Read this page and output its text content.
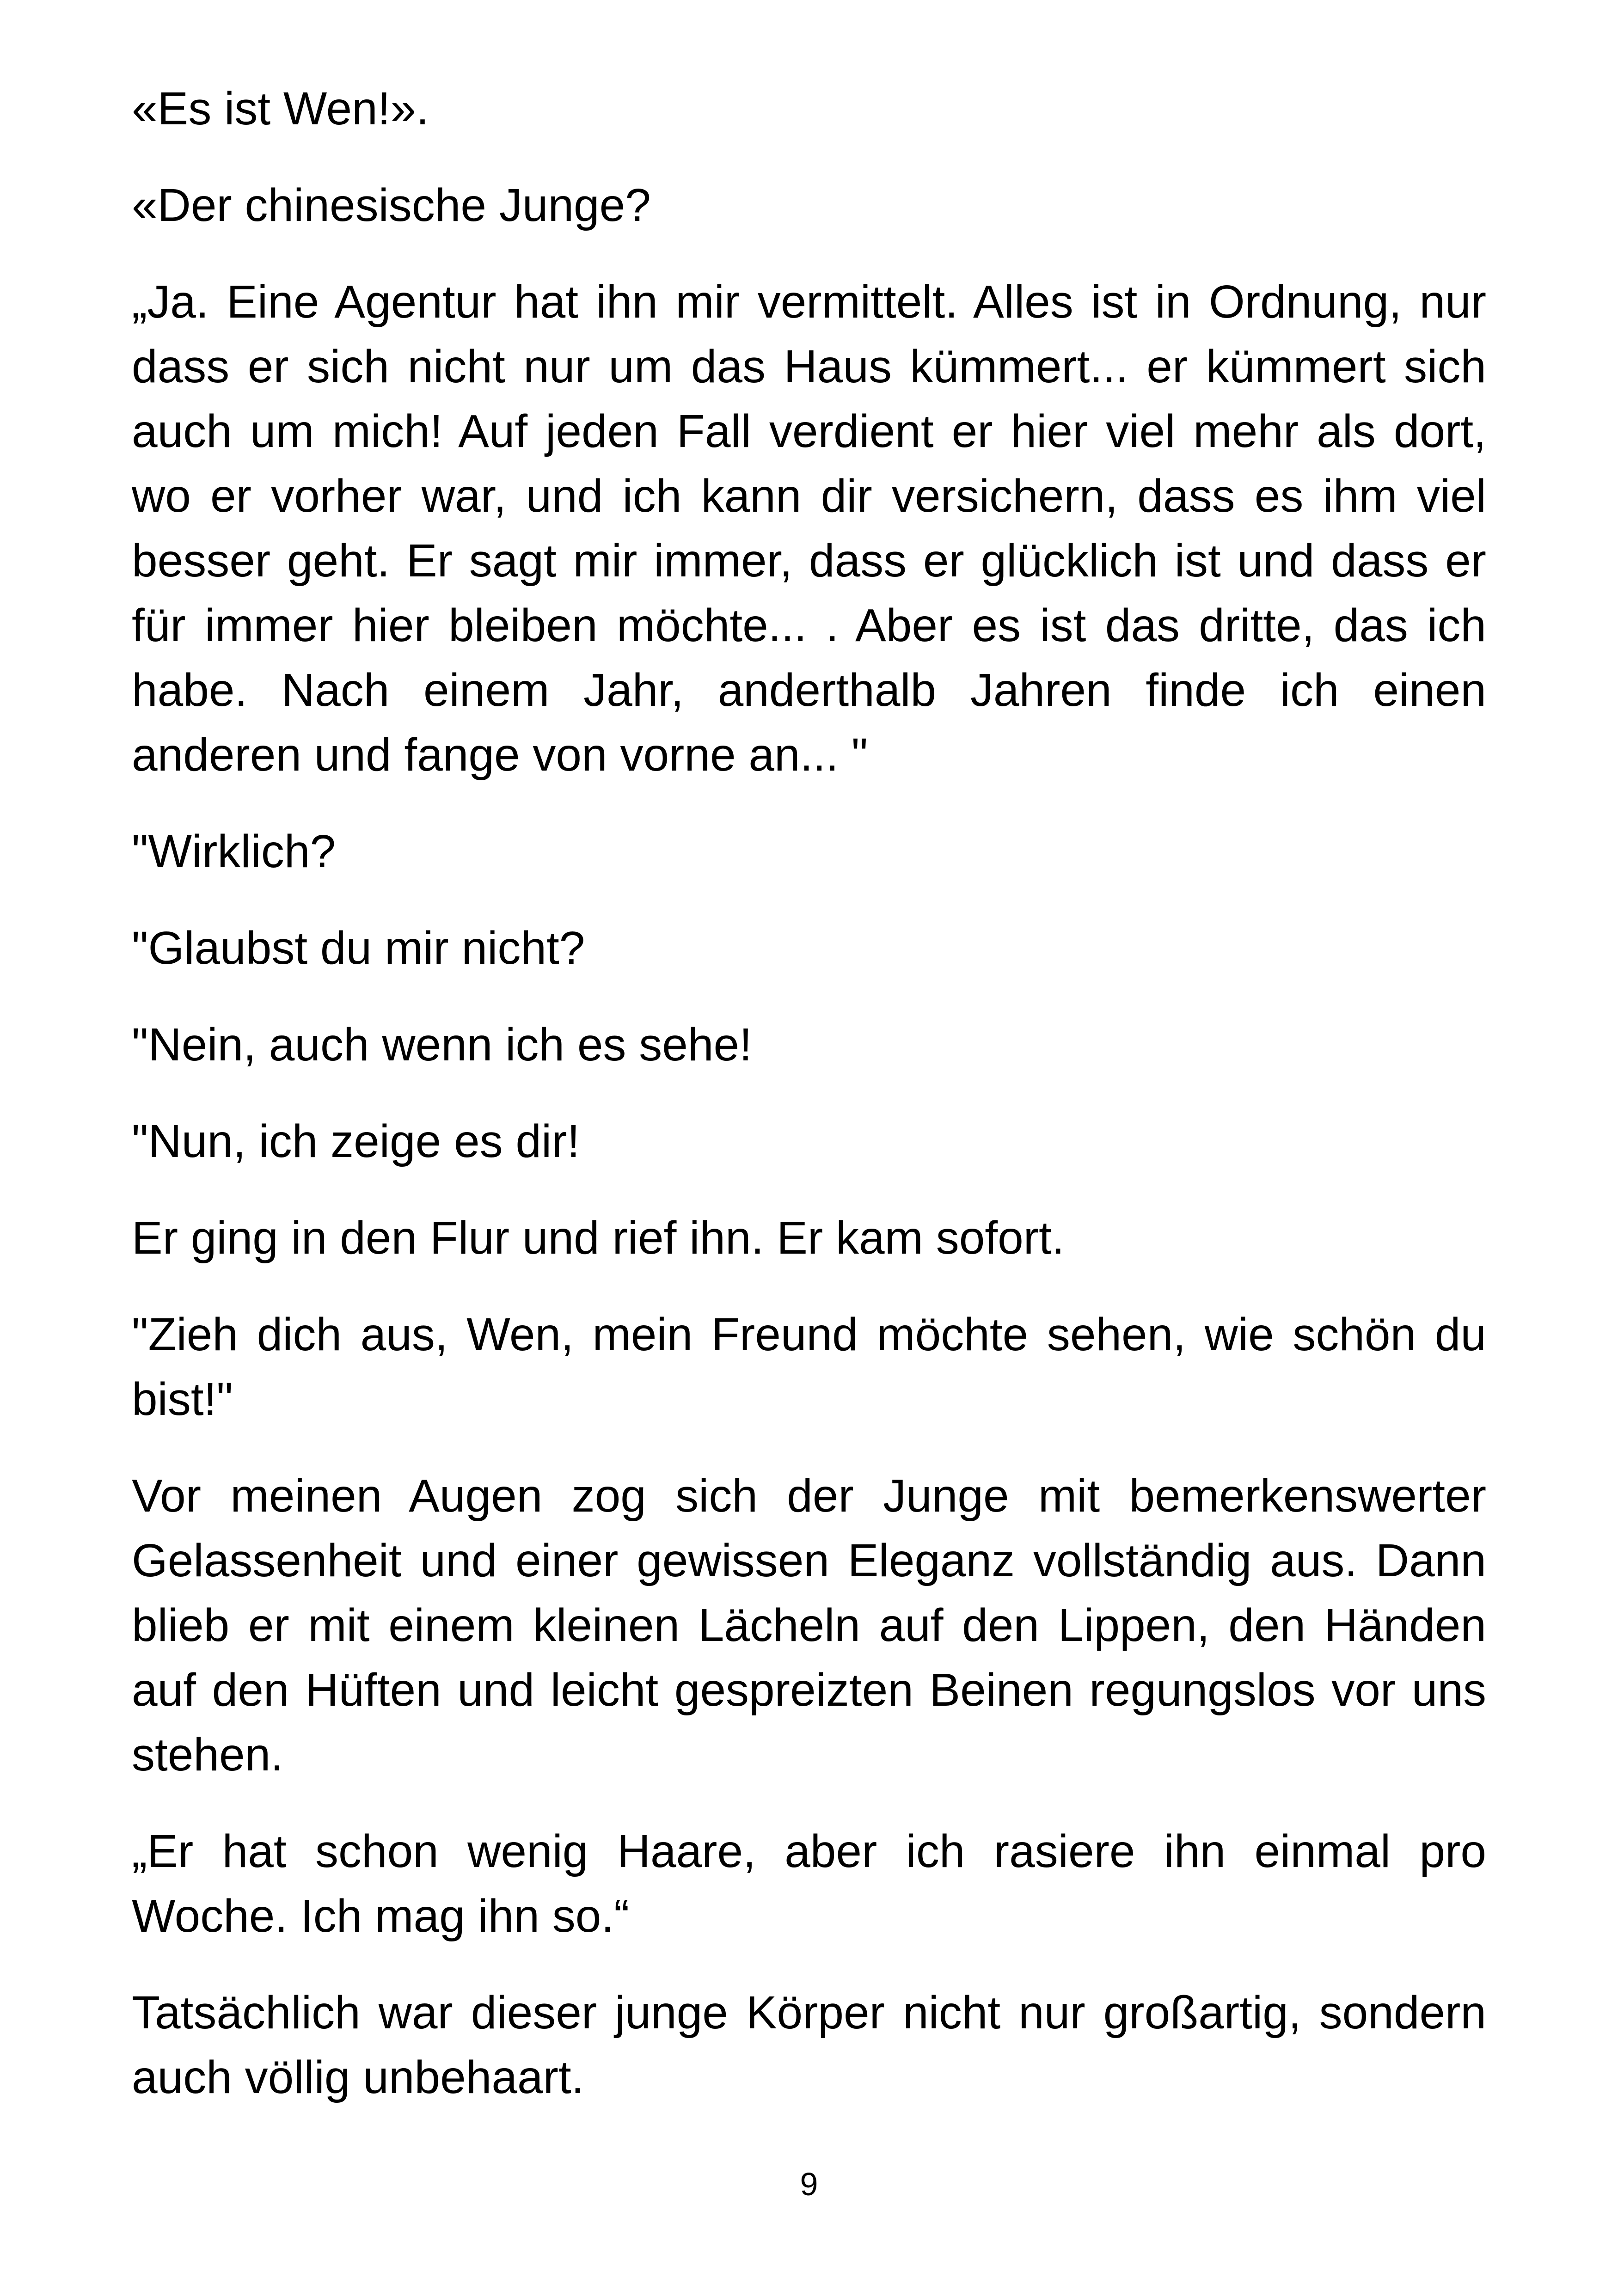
«Es ist Wen!».

«Der chinesische Junge?

„Ja. Eine Agentur hat ihn mir vermittelt. Alles ist in Ordnung, nur dass er sich nicht nur um das Haus kümmert... er kümmert sich auch um mich! Auf jeden Fall verdient er hier viel mehr als dort, wo er vorher war, und ich kann dir versichern, dass es ihm viel besser geht. Er sagt mir immer, dass er glücklich ist und dass er für immer hier bleiben möchte... . Aber es ist das dritte, das ich habe. Nach einem Jahr, anderthalb Jahren finde ich einen anderen und fange von vorne an... "

"Wirklich?

"Glaubst du mir nicht?

"Nein, auch wenn ich es sehe!

"Nun, ich zeige es dir!

Er ging in den Flur und rief ihn. Er kam sofort.

"Zieh dich aus, Wen, mein Freund möchte sehen, wie schön du bist!"

Vor meinen Augen zog sich der Junge mit bemerkenswerter Gelassenheit und einer gewissen Eleganz vollständig aus. Dann blieb er mit einem kleinen Lächeln auf den Lippen, den Händen auf den Hüften und leicht gespreizten Beinen regungslos vor uns stehen.

„Er hat schon wenig Haare, aber ich rasiere ihn einmal pro Woche. Ich mag ihn so.“

Tatsächlich war dieser junge Körper nicht nur großartig, sondern auch völlig unbehaart.

9
